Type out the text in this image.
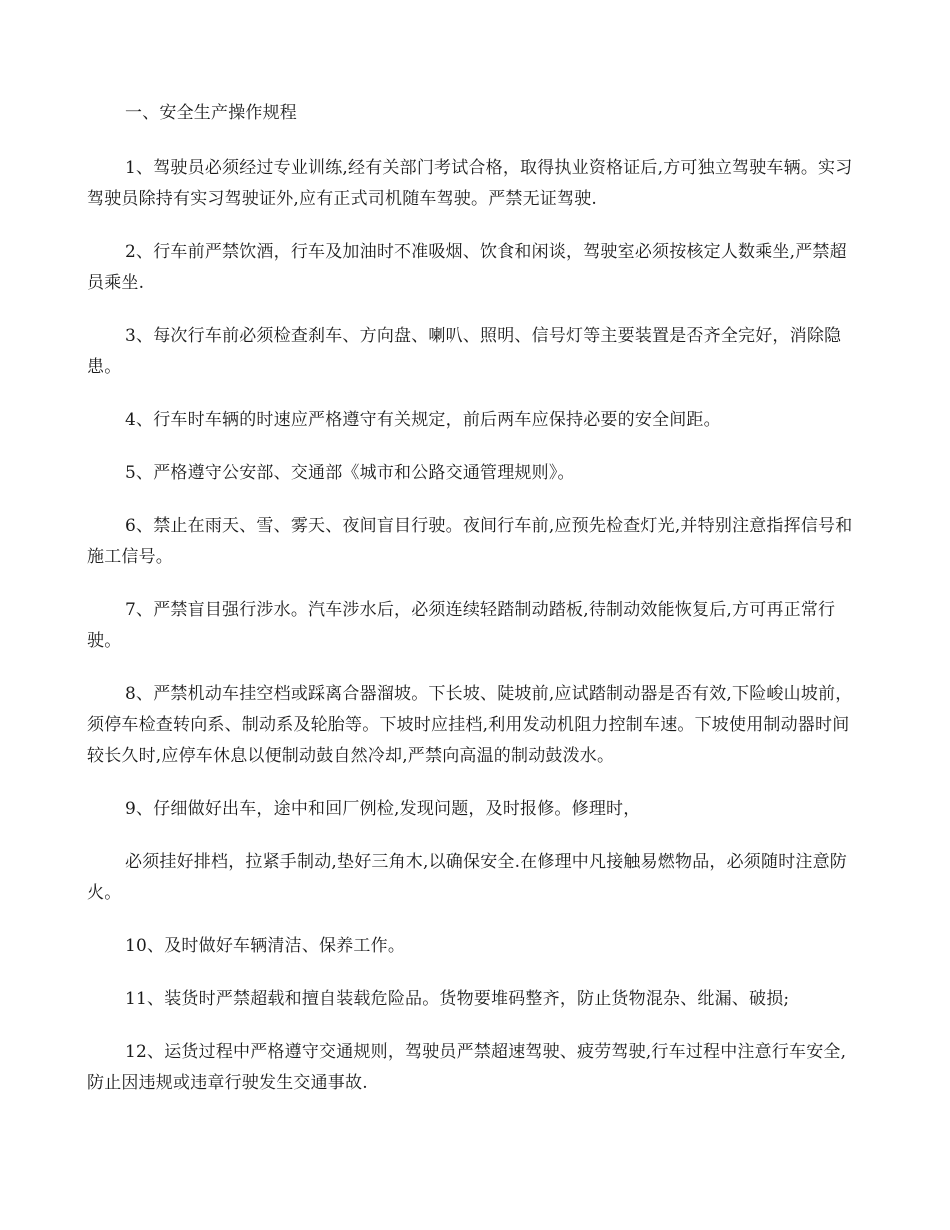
一、安全生产操作规程

1、驾驶员必须经过专业训练,经有关部门考试合格，取得执业资格证后,方可独立驾驶车辆。实习驾驶员除持有实习驾驶证外,应有正式司机随车驾驶。严禁无证驾驶.

2、行车前严禁饮酒，行车及加油时不准吸烟、饮食和闲谈，驾驶室必须按核定人数乘坐,严禁超员乘坐.

3、每次行车前必须检查刹车、方向盘、喇叭、照明、信号灯等主要装置是否齐全完好，消除隐患。

4、行车时车辆的时速应严格遵守有关规定，前后两车应保持必要的安全间距。

5、严格遵守公安部、交通部《城市和公路交通管理规则》。

6、禁止在雨天、雪、雾天、夜间盲目行驶。夜间行车前,应预先检查灯光,并特别注意指挥信号和施工信号。

7、严禁盲目强行涉水。汽车涉水后，必须连续轻踏制动踏板,待制动效能恢复后,方可再正常行驶。

8、严禁机动车挂空档或踩离合器溜坡。下长坡、陡坡前,应试踏制动器是否有效,下险峻山坡前，须停车检查转向系、制动系及轮胎等。下坡时应挂档,利用发动机阻力控制车速。下坡使用制动器时间较长久时,应停车休息以便制动鼓自然冷却,严禁向高温的制动鼓泼水。

9、仔细做好出车，途中和回厂例检,发现问题，及时报修。修理时，

必须挂好排档，拉紧手制动,垫好三角木,以确保安全.在修理中凡接触易燃物品，必须随时注意防火。

10、及时做好车辆清洁、保养工作。

11、装货时严禁超载和擅自装载危险品。货物要堆码整齐，防止货物混杂、纰漏、破损;

12、运货过程中严格遵守交通规则，驾驶员严禁超速驾驶、疲劳驾驶,行车过程中注意行车安全,防止因违规或违章行驶发生交通事故.
